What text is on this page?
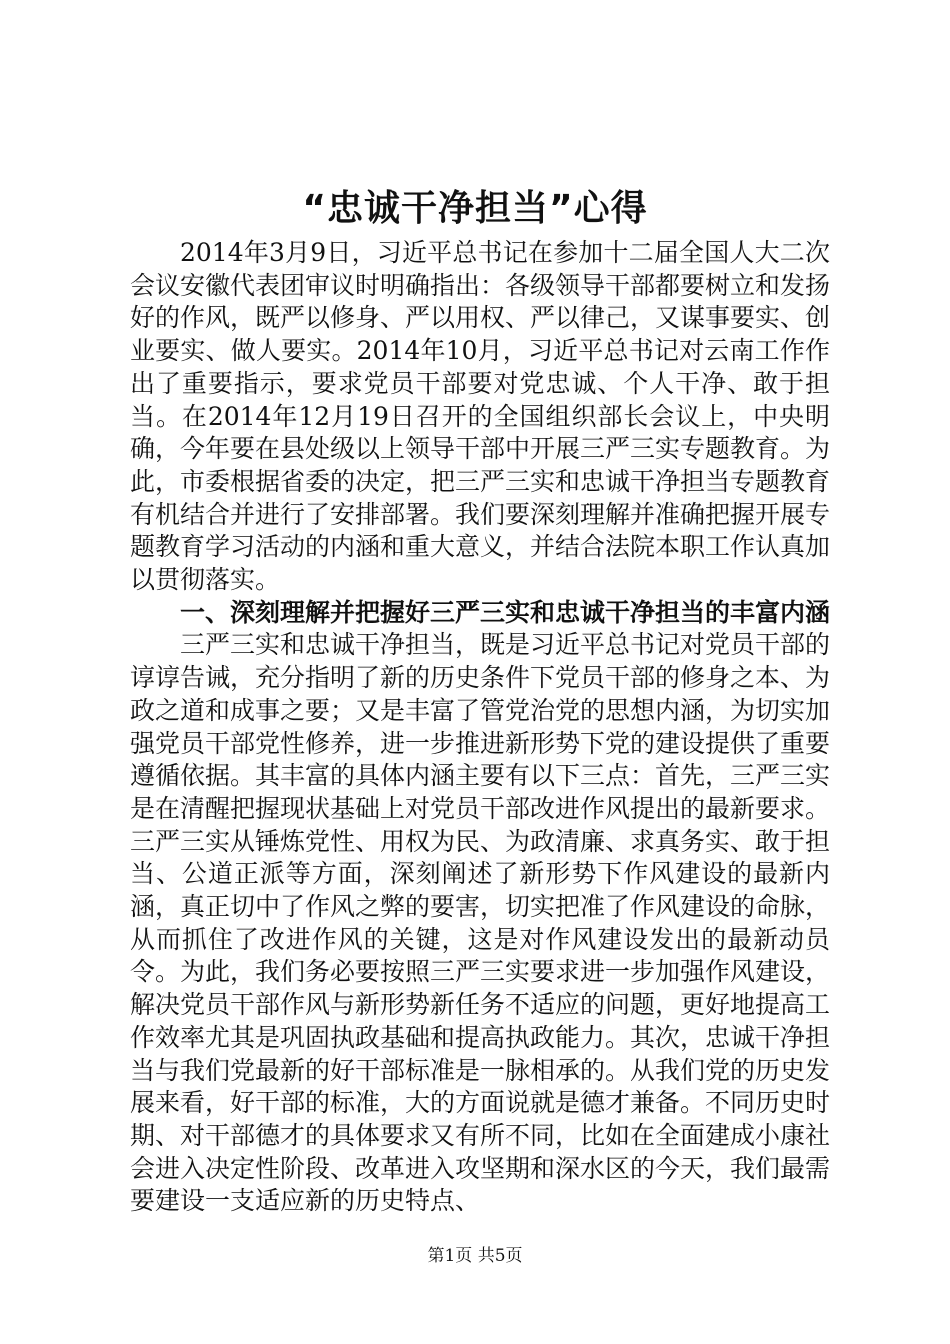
“忠诚干净担当”心得

2014年3月9日，习近平总书记在参加十二届全国人大二次会议安徽代表团审议时明确指出：各级领导干部都要树立和发扬好的作风，既严以修身、严以用权、严以律己，又谋事要实、创业要实、做人要实。2014年10月，习近平总书记对云南工作作出了重要指示，要求党员干部要对党忠诚、个人干净、敢于担当。在2014年12月19日召开的全国组织部长会议上，中央明确，今年要在县处级以上领导干部中开展三严三实专题教育。为此，市委根据省委的决定，把三严三实和忠诚干净担当专题教育有机结合并进行了安排部署。我们要深刻理解并准确把握开展专题教育学习活动的内涵和重大意义，并结合法院本职工作认真加以贯彻落实。

一、深刻理解并把握好三严三实和忠诚干净担当的丰富内涵

三严三实和忠诚干净担当，既是习近平总书记对党员干部的谆谆告诫，充分指明了新的历史条件下党员干部的修身之本、为政之道和成事之要；又是丰富了管党治党的思想内涵，为切实加强党员干部党性修养，进一步推进新形势下党的建设提供了重要遵循依据。其丰富的具体内涵主要有以下三点：首先，三严三实是在清醒把握现状基础上对党员干部改进作风提出的最新要求。三严三实从锤炼党性、用权为民、为政清廉、求真务实、敢于担当、公道正派等方面，深刻阐述了新形势下作风建设的最新内涵，真正切中了作风之弊的要害，切实把准了作风建设的命脉，从而抓住了改进作风的关键，这是对作风建设发出的最新动员令。为此，我们务必要按照三严三实要求进一步加强作风建设，解决党员干部作风与新形势新任务不适应的问题，更好地提高工作效率尤其是巩固执政基础和提高执政能力。其次，忠诚干净担当与我们党最新的好干部标准是一脉相承的。从我们党的历史发展来看，好干部的标准，大的方面说就是德才兼备。不同历史时期、对干部德才的具体要求又有所不同，比如在全面建成小康社会进入决定性阶段、改革进入攻坚期和深水区的今天，我们最需要建设一支适应新的历史特点、

第1页 共5页
